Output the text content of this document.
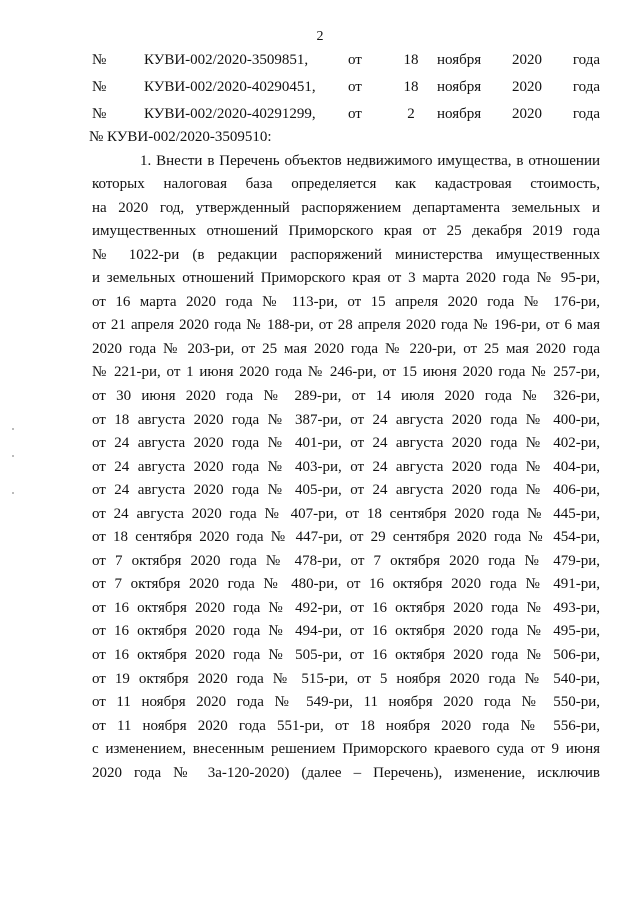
2
№	КУВИ-002/2020-3509851,	от	18	ноября 2020 года
№	КУВИ-002/2020-40290451, от	18	ноября 2020 года
№	КУВИ-002/2020-40291299, от	2	ноября 2020 года
№ КУВИ-002/2020-3509510:
1. Внести в Перечень объектов недвижимого имущества, в отношении
которых налоговая база определяется как кадастровая стоимость,
на 2020 год, утвержденный распоряжением департамента земельных и
имущественных отношений Приморского края от 25 декабря 2019 года
№ 1022-ри (в редакции распоряжений министерства имущественных
и земельных отношений Приморского края от 3 марта 2020 года № 95-ри,
от 16 марта 2020 года № 113-ри, от 15 апреля 2020 года № 176-ри,
от 21 апреля 2020 года № 188-ри, от 28 апреля 2020 года № 196-ри, от 6 мая
2020 года № 203-ри, от 25 мая 2020 года № 220-ри, от 25 мая 2020 года
№ 221-ри, от 1 июня 2020 года № 246-ри, от 15 июня 2020 года № 257-ри,
от 30 июня 2020 года № 289-ри, от 14 июля 2020 года № 326-ри,
от 18 августа 2020 года № 387-ри, от 24 августа 2020 года № 400-ри,
от 24 августа 2020 года № 401-ри, от 24 августа 2020 года № 402-ри,
от 24 августа 2020 года № 403-ри, от 24 августа 2020 года № 404-ри,
от 24 августа 2020 года № 405-ри, от 24 августа 2020 года № 406-ри,
от 24 августа 2020 года № 407-ри, от 18 сентября 2020 года № 445-ри,
от 18 сентября 2020 года № 447-ри, от 29 сентября 2020 года № 454-ри,
от 7 октября 2020 года № 478-ри, от 7 октября 2020 года № 479-ри,
от 7 октября 2020 года № 480-ри, от 16 октября 2020 года № 491-ри,
от 16 октября 2020 года № 492-ри, от 16 октября 2020 года № 493-ри,
от 16 октября 2020 года № 494-ри, от 16 октября 2020 года № 495-ри,
от 16 октября 2020 года № 505-ри, от 16 октября 2020 года № 506-ри,
от 19 октября 2020 года № 515-ри, от 5 ноября 2020 года № 540-ри,
от 11 ноября 2020 года № 549-ри, 11 ноября 2020 года № 550-ри,
от 11 ноября 2020 года 551-ри, от 18 ноября 2020 года № 556-ри,
с изменением, внесенным решением Приморского краевого суда от 9 июня
2020 года № 3а-120-2020) (далее – Перечень), изменение, исключив
